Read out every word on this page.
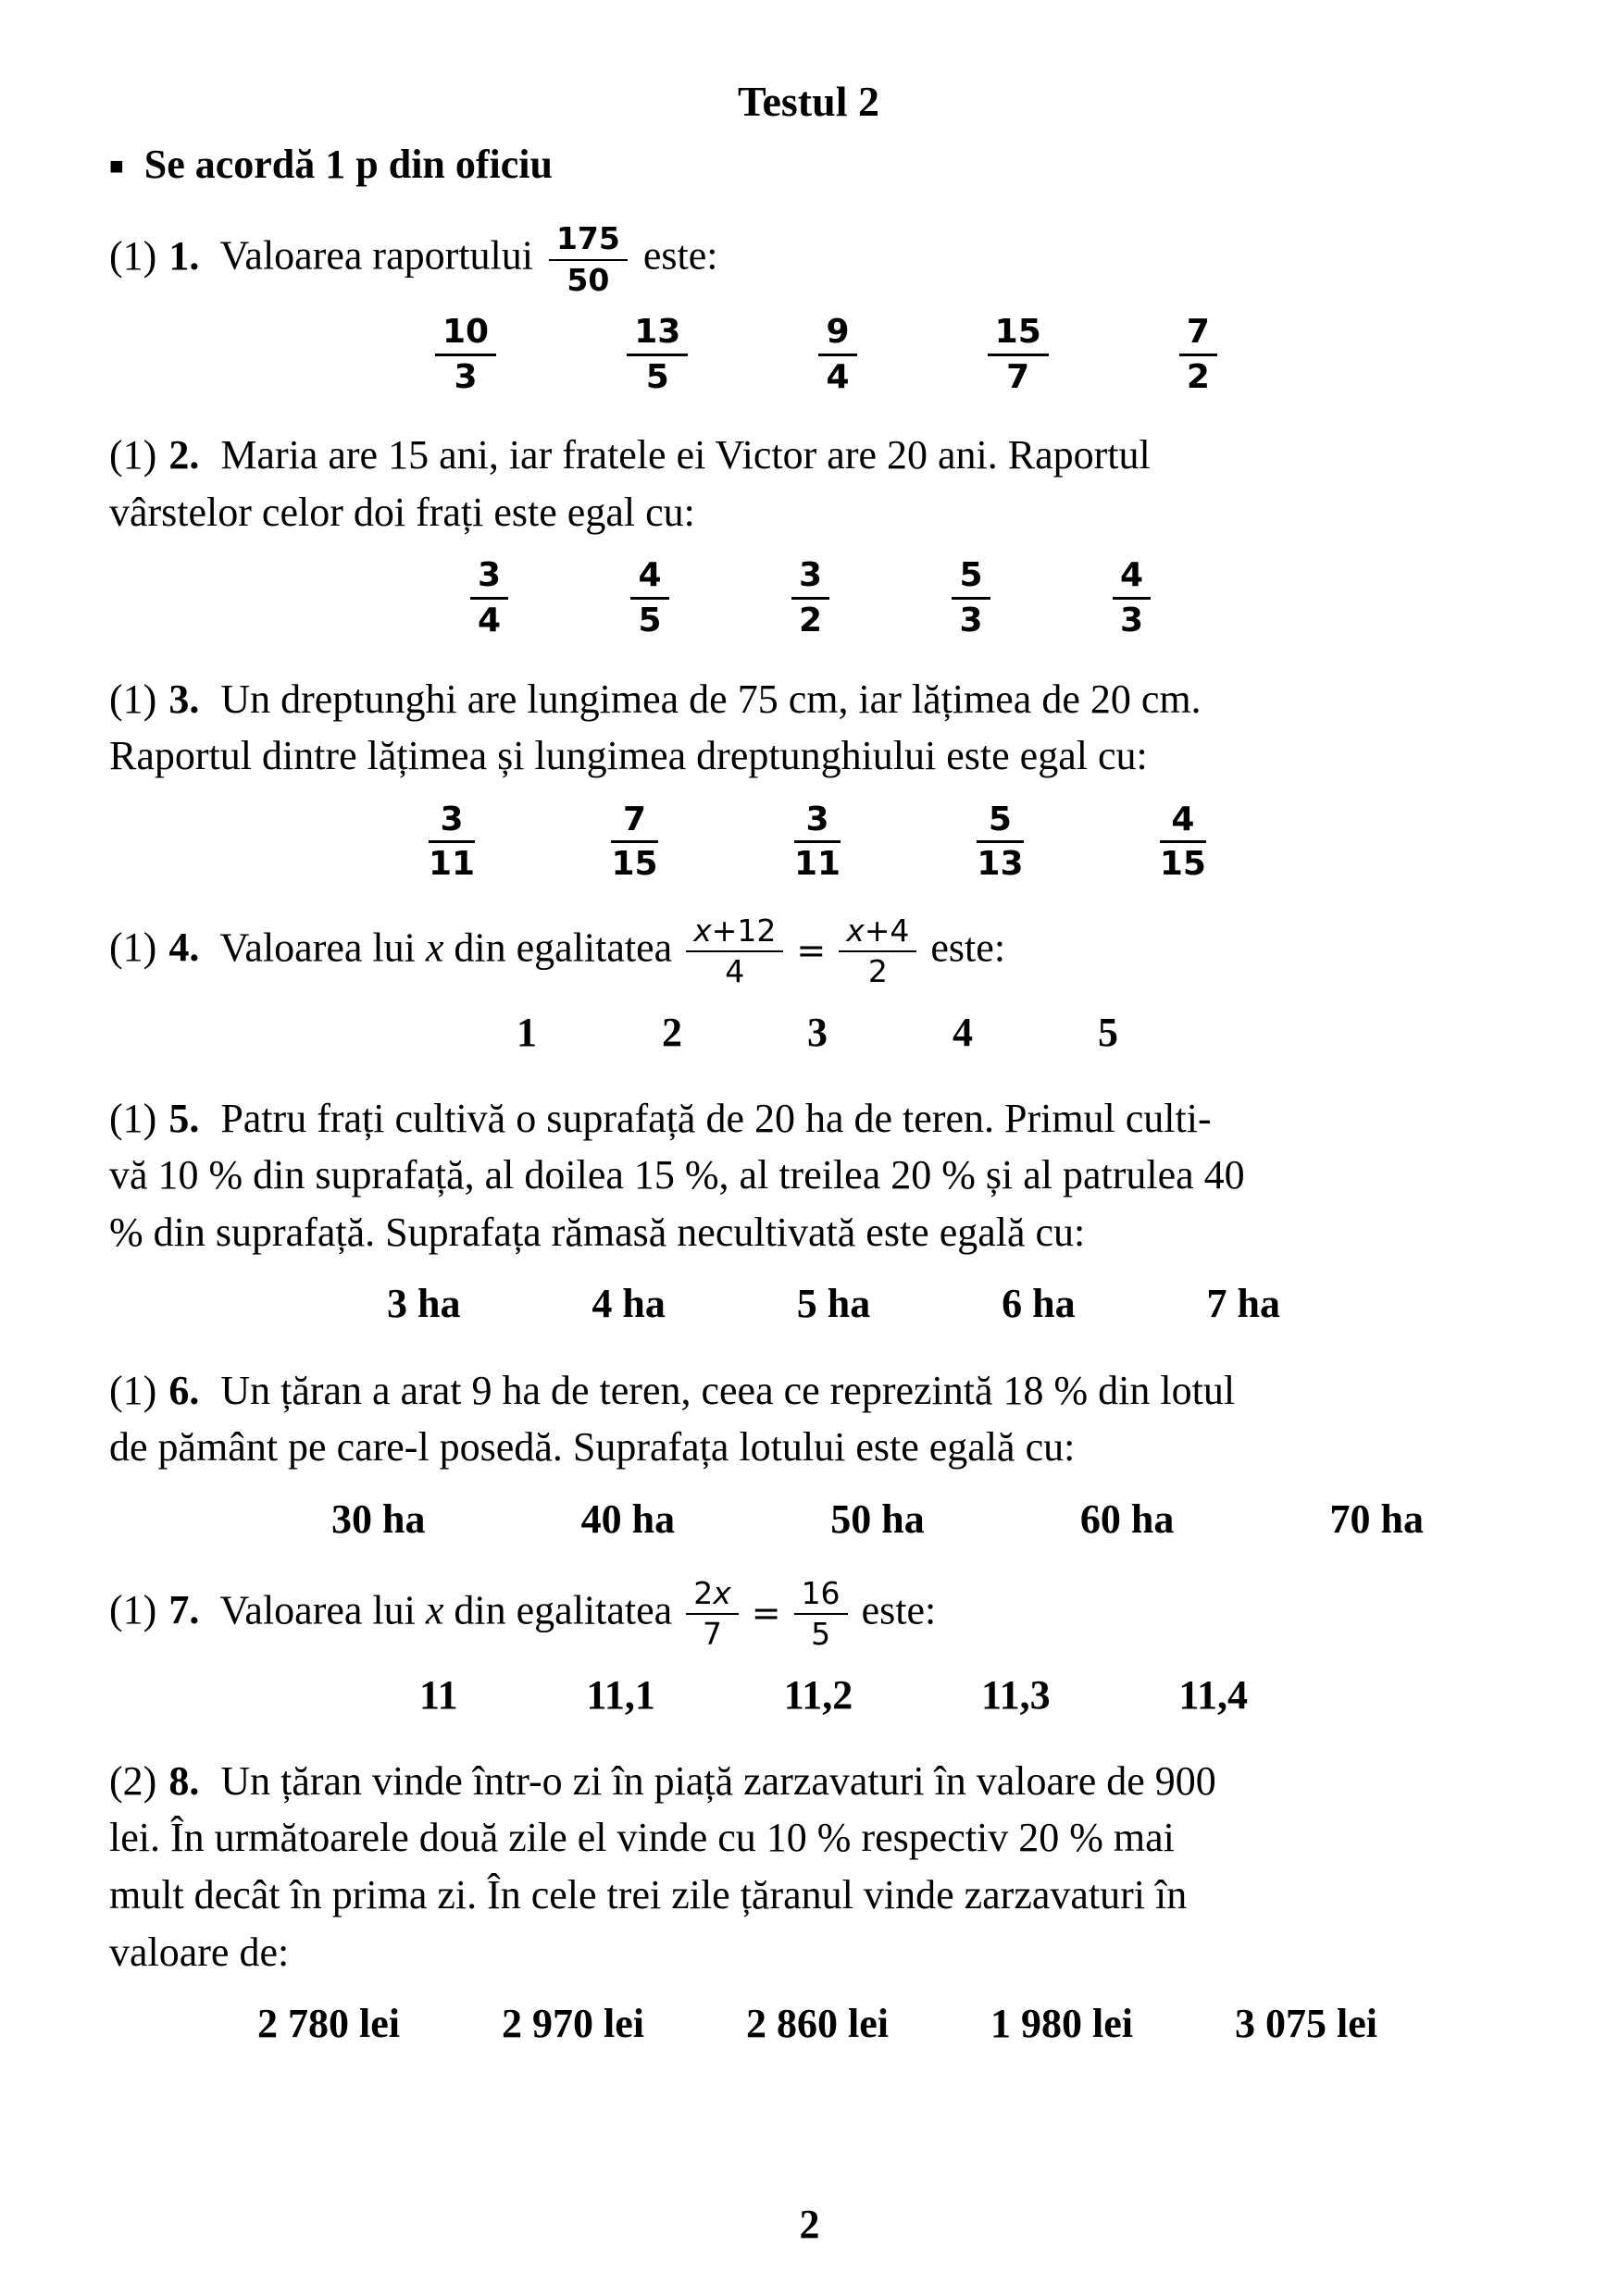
Testul 2
■ Se acordă 1 p din oficiu

(1) 1. Valoarea raportului $\frac{175}{50}$ este:

$\frac{10}{3}$	$\frac{13}{5}$	$\frac{9}{4}$	$\frac{15}{7}$	$\frac{7}{2}$

(1) 2. Maria are 15 ani, iar fratele ei Victor are 20 ani. Raportul
vârstelor celor doi frați este egal cu:

$\frac{3}{4}$	$\frac{4}{5}$	$\frac{3}{2}$	$\frac{5}{3}$	$\frac{4}{3}$

(1) 3. Un dreptunghi are lungimea de 75 cm, iar lățimea de 20 cm.
Raportul dintre lățimea și lungimea dreptunghiului este egal cu:

$\frac{3}{11}$	$\frac{7}{15}$	$\frac{3}{11}$	$\frac{5}{13}$	$\frac{4}{15}$

(1) 4. Valoarea lui x din egalitatea $\frac{x+12}{4} = \frac{x+4}{2}$ este:

1	2	3	4	5

(1) 5. Patru frați cultivă o suprafață de 20 ha de teren. Primul culti-
vă 10 % din suprafață, al doilea 15 %, al treilea 20 % și al patrulea 40
% din suprafață. Suprafața rămasă necultivată este egală cu:

3 ha	4 ha	5 ha	6 ha	7 ha

(1) 6. Un țăran a arat 9 ha de teren, ceea ce reprezintă 18 % din lotul
de pământ pe care-l posedă. Suprafața lotului este egală cu:

30 ha	40 ha	50 ha	60 ha	70 ha

(1) 7. Valoarea lui x din egalitatea $\frac{2x}{7} = \frac{16}{5}$ este:

11	11,1	11,2	11,3	11,4

(2) 8. Un țăran vinde într-o zi în piață zarzavaturi în valoare de 900
lei. În următoarele două zile el vinde cu 10 % respectiv 20 % mai
mult decât în prima zi. În cele trei zile țăranul vinde zarzavaturi în
valoare de:

2 780 lei	2 970 lei	2 860 lei	1 980 lei	3 075 lei
2
